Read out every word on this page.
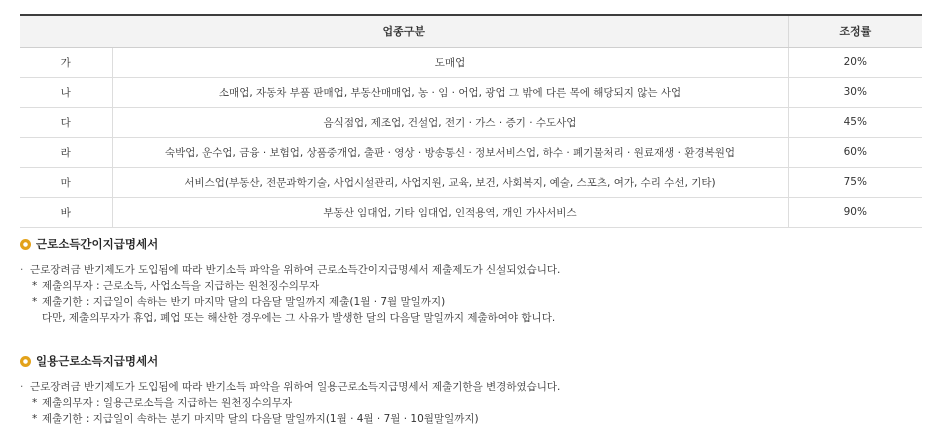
업종구분		조정률
가	도매업	20%
나	소매업, 자동차 부품 판매업, 부동산매매업, 농 · 임 · 어업, 광업 그 밖에 다른 목에 해당되지 않는 사업	30%
다	음식점업, 제조업, 건설업, 전기 · 가스 · 증기 · 수도사업	45%
라	숙박업, 운수업, 금융 · 보험업, 상품중개업, 출판 · 영상 · 방송통신 · 정보서비스업, 하수 · 폐기물처리 · 원료재생 · 환경복원업	60%
마	서비스업(부동산, 전문과학기술, 사업시설관리, 사업지원, 교육, 보건, 사회복지, 예술, 스포츠, 여가, 수리 수선, 기타)	75%
바	부동산 임대업, 기타 임대업, 인적용역, 개인 가사서비스	90%
근로소득간이지급명세서
· 근로장려금 반기제도가 도입됨에 따라 반기소득 파악을 위하여 근로소득간이지급명세서 제출제도가 신설되었습니다.
* 제출의무자 : 근로소득, 사업소득을 지급하는 원천징수의무자
* 제출기한 : 지급일이 속하는 반기 마지막 달의 다음달 말일까지 제출(1월 · 7월 말일까지)
다만, 제출의무자가 휴업, 폐업 또는 해산한 경우에는 그 사유가 발생한 달의 다음달 말일까지 제출하여야 합니다.
일용근로소득지급명세서
· 근로장려금 반기제도가 도입됨에 따라 반기소득 파악을 위하여 일용근로소득지급명세서 제출기한을 변경하였습니다.
* 제출의무자 : 일용근로소득을 지급하는 원천징수의무자
* 제출기한 : 지급일이 속하는 분기 마지막 달의 다음달 말일까지(1월 · 4월 · 7월 · 10월말일까지)
